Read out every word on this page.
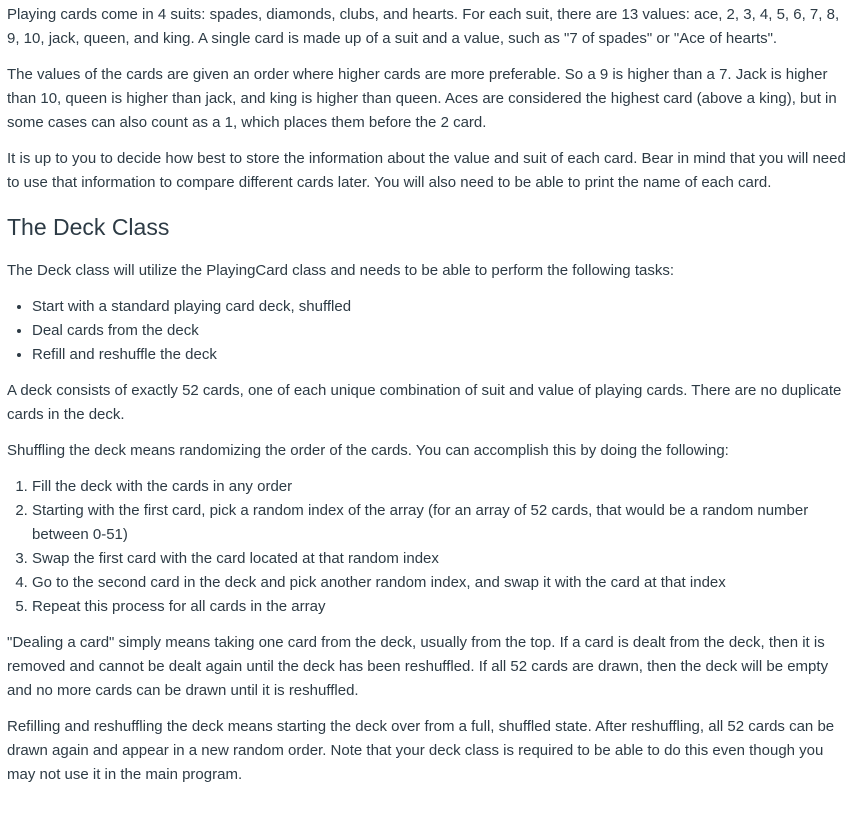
Playing cards come in 4 suits: spades, diamonds, clubs, and hearts. For each suit, there are 13 values: ace, 2, 3, 4, 5, 6, 7, 8, 9, 10, jack, queen, and king. A single card is made up of a suit and a value, such as "7 of spades" or "Ace of hearts".

The values of the cards are given an order where higher cards are more preferable. So a 9 is higher than a 7. Jack is higher than 10, queen is higher than jack, and king is higher than queen. Aces are considered the highest card (above a king), but in some cases can also count as a 1, which places them before the 2 card.

It is up to you to decide how best to store the information about the value and suit of each card. Bear in mind that you will need to use that information to compare different cards later. You will also need to be able to print the name of each card.

The Deck Class

The Deck class will utilize the PlayingCard class and needs to be able to perform the following tasks:

• Start with a standard playing card deck, shuffled
• Deal cards from the deck
• Refill and reshuffle the deck

A deck consists of exactly 52 cards, one of each unique combination of suit and value of playing cards. There are no duplicate cards in the deck.

Shuffling the deck means randomizing the order of the cards. You can accomplish this by doing the following:

1. Fill the deck with the cards in any order
2. Starting with the first card, pick a random index of the array (for an array of 52 cards, that would be a random number between 0-51)
3. Swap the first card with the card located at that random index
4. Go to the second card in the deck and pick another random index, and swap it with the card at that index
5. Repeat this process for all cards in the array

"Dealing a card" simply means taking one card from the deck, usually from the top. If a card is dealt from the deck, then it is removed and cannot be dealt again until the deck has been reshuffled. If all 52 cards are drawn, then the deck will be empty and no more cards can be drawn until it is reshuffled.

Refilling and reshuffling the deck means starting the deck over from a full, shuffled state. After reshuffling, all 52 cards can be drawn again and appear in a new random order. Note that your deck class is required to be able to do this even though you may not use it in the main program.
